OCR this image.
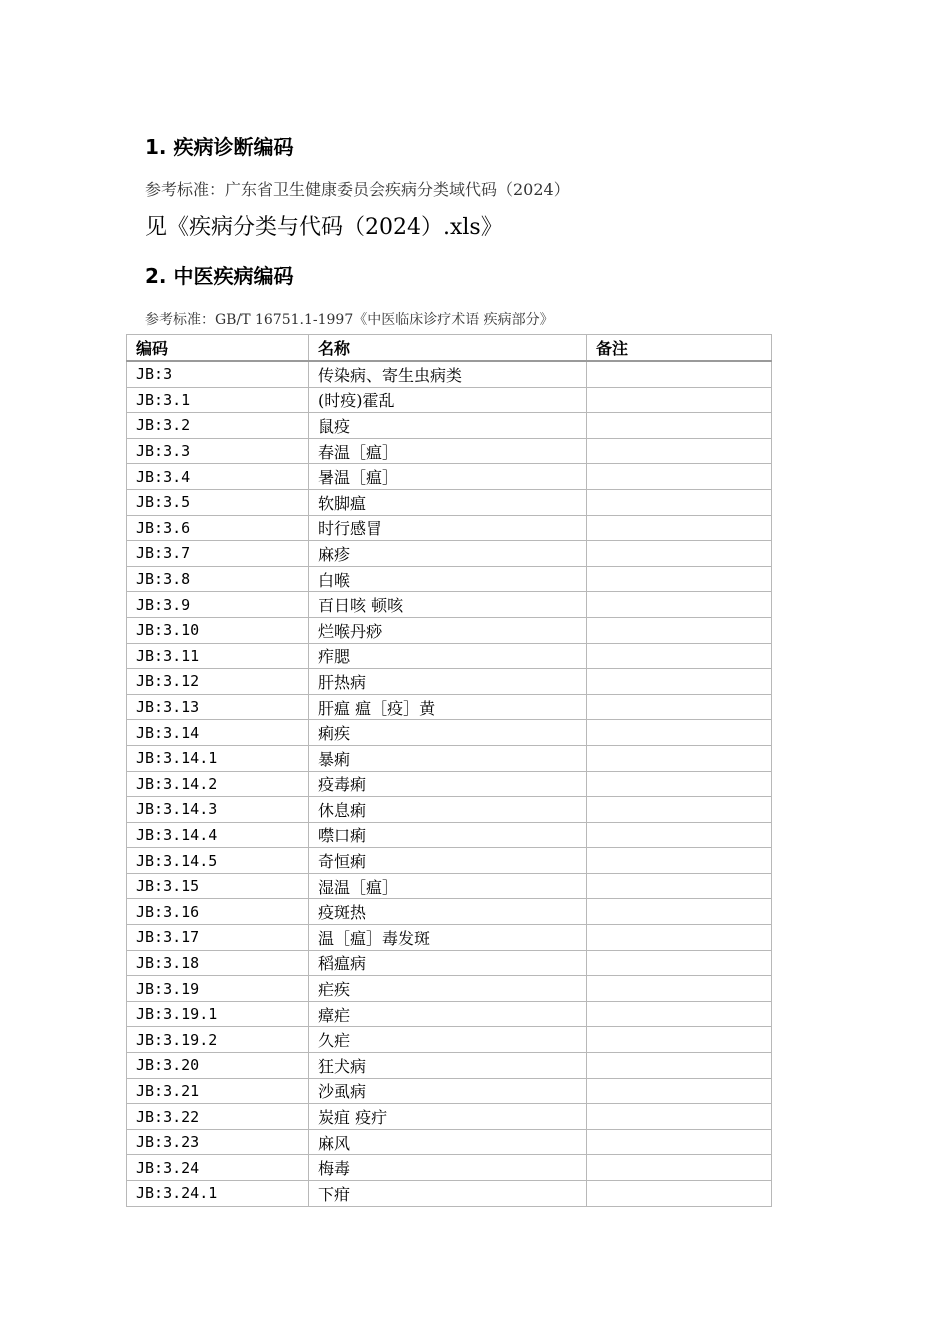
1. 疾病诊断编码

参考标准：广东省卫生健康委员会疾病分类域代码（2024）

见《疾病分类与代码（2024）.xls》

2. 中医疾病编码

参考标准：GB/T 16751.1-1997《中医临床诊疗术语 疾病部分》

编码	名称	备注
JB:3	传染病、寄生虫病类	
JB:3.1	(时疫)霍乱	
JB:3.2	鼠疫	
JB:3.3	春温［瘟］	
JB:3.4	暑温［瘟］	
JB:3.5	软脚瘟	
JB:3.6	时行感冒	
JB:3.7	麻疹	
JB:3.8	白喉	
JB:3.9	百日咳 顿咳	
JB:3.10	烂喉丹痧	
JB:3.11	痄腮	
JB:3.12	肝热病	
JB:3.13	肝瘟 瘟［疫］黄	
JB:3.14	痢疾	
JB:3.14.1	暴痢	
JB:3.14.2	疫毒痢	
JB:3.14.3	休息痢	
JB:3.14.4	噤口痢	
JB:3.14.5	奇恒痢	
JB:3.15	湿温［瘟］	
JB:3.16	疫斑热	
JB:3.17	温［瘟］毒发斑	
JB:3.18	稻瘟病	
JB:3.19	疟疾	
JB:3.19.1	瘴疟	
JB:3.19.2	久疟	
JB:3.20	狂犬病	
JB:3.21	沙虱病	
JB:3.22	炭疽 疫疔	
JB:3.23	麻风	
JB:3.24	梅毒	
JB:3.24.1	下疳	
